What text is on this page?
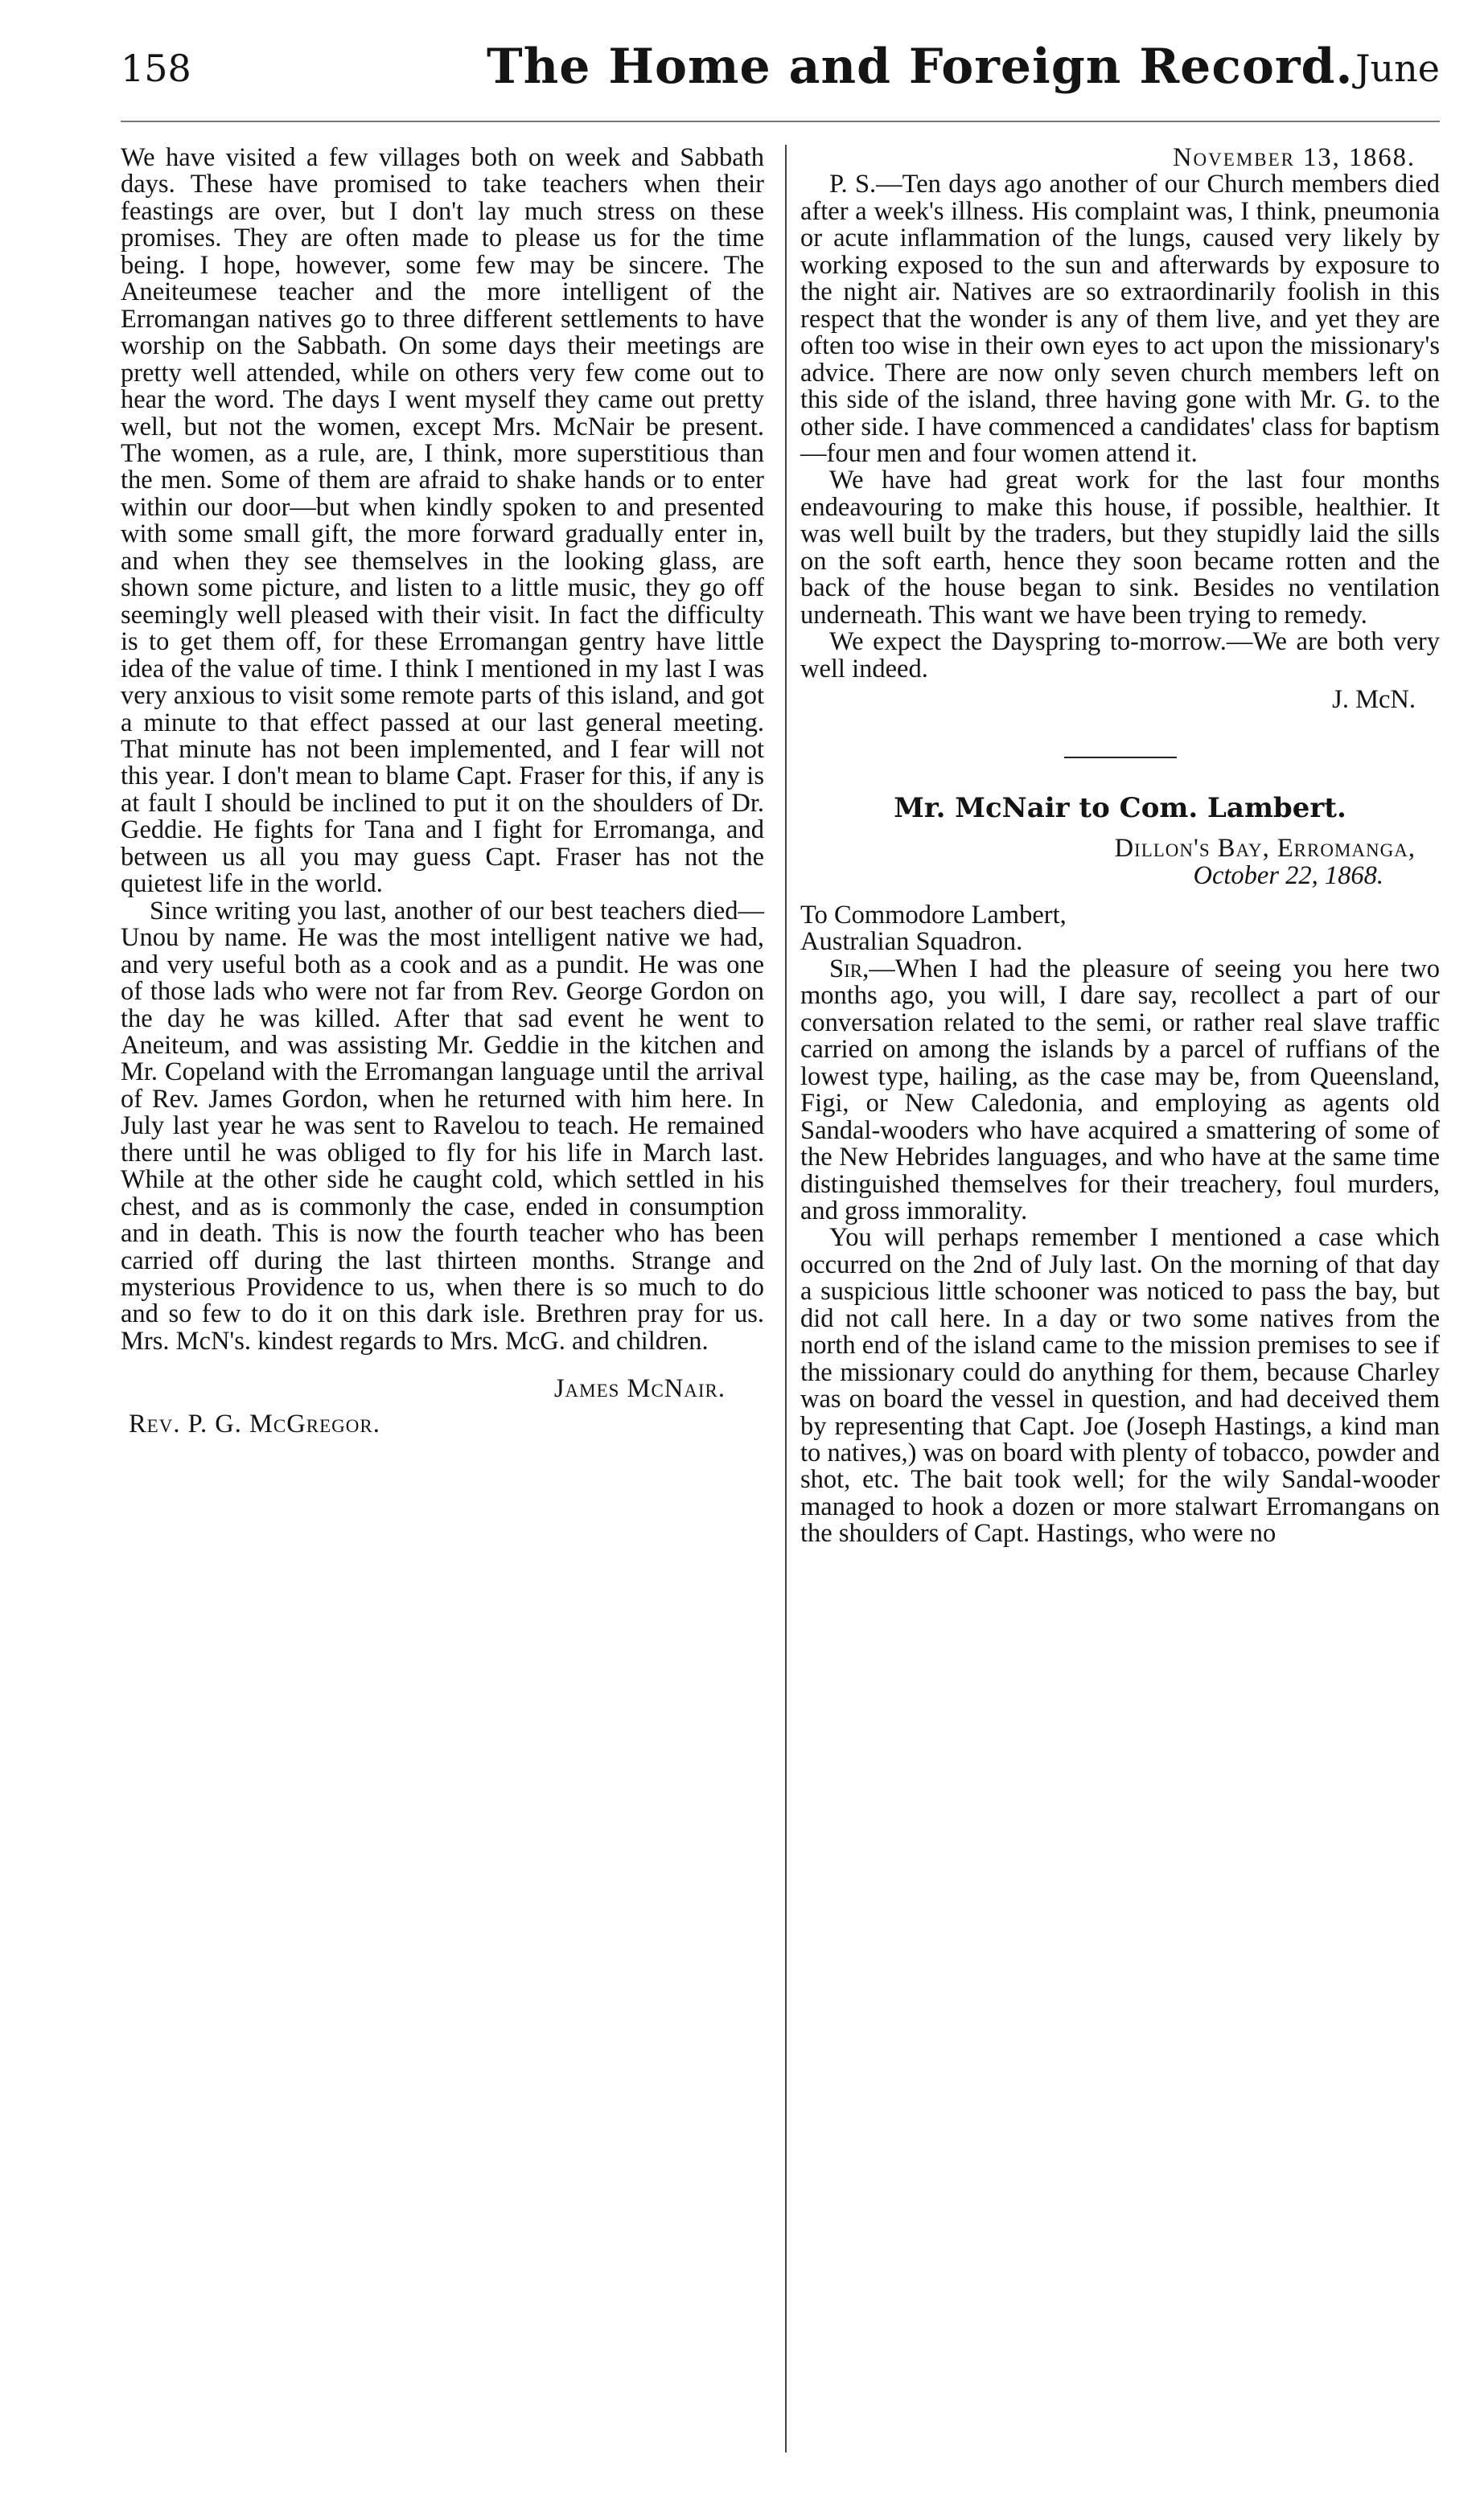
158	The Home and Foreign Record. June

We have visited a few villages both on week and Sabbath days. These have promised to take teachers when their feastings are over, but I don't lay much stress on these promises. They are often made to please us for the time being. I hope, however, some few may be sincere. The Aneiteumese teacher and the more intelligent of the Erromangan natives go to three different settlements to have worship on the Sabbath. On some days their meetings are pretty well attended, while on others very few come out to hear the word. The days I went myself they came out pretty well, but not the women, except Mrs. McNair be present. The women, as a rule, are, I think, more superstitious than the men. Some of them are afraid to shake hands or to enter within our door—but when kindly spoken to and presented with some small gift, the more forward gradually enter in, and when they see themselves in the looking glass, are shown some picture, and listen to a little music, they go off seemingly well pleased with their visit. In fact the difficulty is to get them off, for these Erromangan gentry have little idea of the value of time. I think I mentioned in my last I was very anxious to visit some remote parts of this island, and got a minute to that effect passed at our last general meeting. That minute has not been implemented, and I fear will not this year. I don't mean to blame Capt. Fraser for this, if any is at fault I should be inclined to put it on the shoulders of Dr. Geddie. He fights for Tana and I fight for Erromanga, and between us all you may guess Capt. Fraser has not the quietest life in the world.

Since writing you last, another of our best teachers died—Unou by name. He was the most intelligent native we had, and very useful both as a cook and as a pundit. He was one of those lads who were not far from Rev. George Gordon on the day he was killed. After that sad event he went to Aneiteum, and was assisting Mr. Geddie in the kitchen and Mr. Copeland with the Erromangan language until the arrival of Rev. James Gordon, when he returned with him here. In July last year he was sent to Ravelou to teach. He remained there until he was obliged to fly for his life in March last. While at the other side he caught cold, which settled in his chest, and as is commonly the case, ended in consumption and in death. This is now the fourth teacher who has been carried off during the last thirteen months. Strange and mysterious Providence to us, when there is so much to do and so few to do it on this dark isle. Brethren pray for us. Mrs. McN's. kindest regards to Mrs. McG. and children.

James McNair.
Rev. P. G. McGregor.
November 13, 1868.

P. S.—Ten days ago another of our Church members died after a week's illness. His complaint was, I think, pneumonia or acute inflammation of the lungs, caused very likely by working exposed to the sun and afterwards by exposure to the night air. Natives are so extraordinarily foolish in this respect that the wonder is any of them live, and yet they are often too wise in their own eyes to act upon the missionary's advice. There are now only seven church members left on this side of the island, three having gone with Mr. G. to the other side. I have commenced a candidates' class for baptism—four men and four women attend it.

We have had great work for the last four months endeavouring to make this house, if possible, healthier. It was well built by the traders, but they stupidly laid the sills on the soft earth, hence they soon became rotten and the back of the house began to sink. Besides no ventilation underneath. This want we have been trying to remedy.

We expect the Dayspring to-morrow.—We are both very well indeed.

J. McN.
Mr. McNair to Com. Lambert.
Dillon's Bay, Erromanga,
October 22, 1868.

To Commodore Lambert,

Australian Squadron.

Sir,—When I had the pleasure of seeing you here two months ago, you will, I dare say, recollect a part of our conversation related to the semi, or rather real slave traffic carried on among the islands by a parcel of ruffians of the lowest type, hailing, as the case may be, from Queensland, Figi, or New Caledonia, and employing as agents old Sandal-wooders who have acquired a smattering of some of the New Hebrides languages, and who have at the same time distinguished themselves for their treachery, foul murders, and gross immorality.

You will perhaps remember I mentioned a case which occurred on the 2nd of July last. On the morning of that day a suspicious little schooner was noticed to pass the bay, but did not call here. In a day or two some natives from the north end of the island came to the mission premises to see if the missionary could do anything for them, because Charley was on board the vessel in question, and had deceived them by representing that Capt. Joe (Joseph Hastings, a kind man to natives,) was on board with plenty of tobacco, powder and shot, etc. The bait took well; for the wily Sandal-wooder managed to hook a dozen or more stalwart Erromangans on the shoulders of Capt. Hastings, who were no
